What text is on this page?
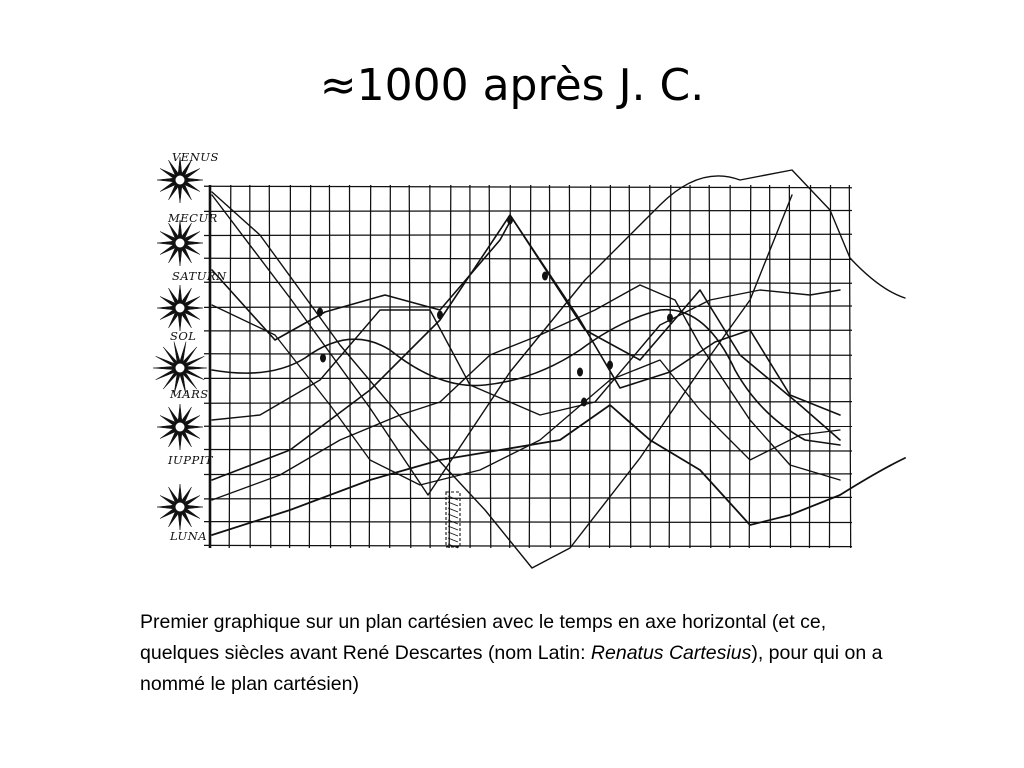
≈1000 après J. C.
VENUS
MECUR
SATURN
SOL
MARS
IUPPIT
LUNA

Premier graphique sur un plan cartésien avec le temps en axe horizontal (et ce, quelques siècles avant René Descartes (nom Latin: Renatus Cartesius), pour qui on a nommé le plan cartésien)
